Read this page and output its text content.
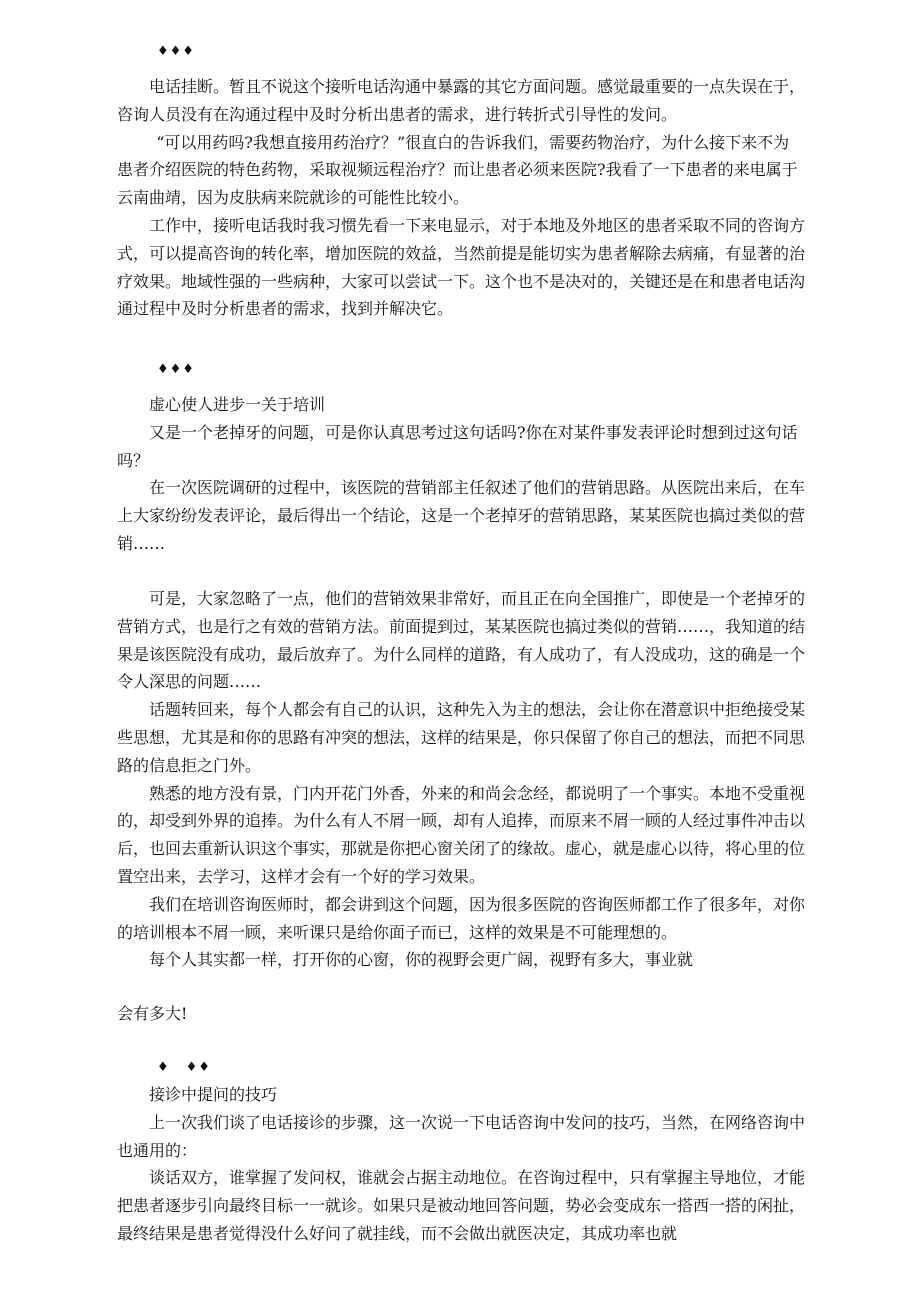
♦♦♦

电话挂断。暂且不说这个接听电话沟通中暴露的其它方面问题。感觉最重要的一点失误在于，咨询人员没有在沟通过程中及时分析出患者的需求，进行转折式引导性的发问。

“可以用药吗?我想直接用药治疗？”很直白的告诉我们，需要药物治疗，为什么接下来不为患者介绍医院的特色药物，采取视频远程治疗？而让患者必须来医院?我看了一下患者的来电属于云南曲靖，因为皮肤病来院就诊的可能性比较小。

工作中，接听电话我时我习惯先看一下来电显示，对于本地及外地区的患者采取不同的咨询方式，可以提高咨询的转化率，增加医院的效益，当然前提是能切实为患者解除去病痛，有显著的治疗效果。地域性强的一些病种，大家可以尝试一下。这个也不是决对的，关键还是在和患者电话沟通过程中及时分析患者的需求，找到并解决它。

♦♦♦

虚心使人进步一关于培训

又是一个老掉牙的问题，可是你认真思考过这句话吗?你在对某件事发表评论时想到过这句话吗？

在一次医院调研的过程中，该医院的营销部主任叙述了他们的营销思路。从医院出来后，在车上大家纷纷发表评论，最后得出一个结论，这是一个老掉牙的营销思路，某某医院也搞过类似的营销……

可是，大家忽略了一点，他们的营销效果非常好，而且正在向全国推广，即使是一个老掉牙的营销方式，也是行之有效的营销方法。前面提到过，某某医院也搞过类似的营销……，我知道的结果是该医院没有成功，最后放弃了。为什么同样的道路，有人成功了，有人没成功，这的确是一个令人深思的问题……

话题转回来，每个人都会有自己的认识，这种先入为主的想法，会让你在潜意识中拒绝接受某些思想，尤其是和你的思路有冲突的想法，这样的结果是，你只保留了你自己的想法，而把不同思路的信息拒之门外。

熟悉的地方没有景，门内开花门外香，外来的和尚会念经，都说明了一个事实。本地不受重视的，却受到外界的追捧。为什么有人不屑一顾，却有人追捧，而原来不屑一顾的人经过事件冲击以后，也回去重新认识这个事实，那就是你把心窗关闭了的缘故。虚心，就是虚心以待，将心里的位置空出来，去学习，这样才会有一个好的学习效果。

我们在培训咨询医师时，都会讲到这个问题，因为很多医院的咨询医师都工作了很多年，对你的培训根本不屑一顾，来听课只是给你面子而已，这样的效果是不可能理想的。

每个人其实都一样，打开你的心窗，你的视野会更广阔，视野有多大，事业就

会有多大!

♦ ♦♦

接诊中提问的技巧

上一次我们谈了电话接诊的步骤，这一次说一下电话咨询中发问的技巧，当然，在网络咨询中也通用的：

谈话双方，谁掌握了发问权，谁就会占据主动地位。在咨询过程中，只有掌握主导地位，才能把患者逐步引向最终目标一一就诊。如果只是被动地回答问题，势必会变成东一搭西一搭的闲扯，最终结果是患者觉得没什么好问了就挂线，而不会做出就医决定，其成功率也就
